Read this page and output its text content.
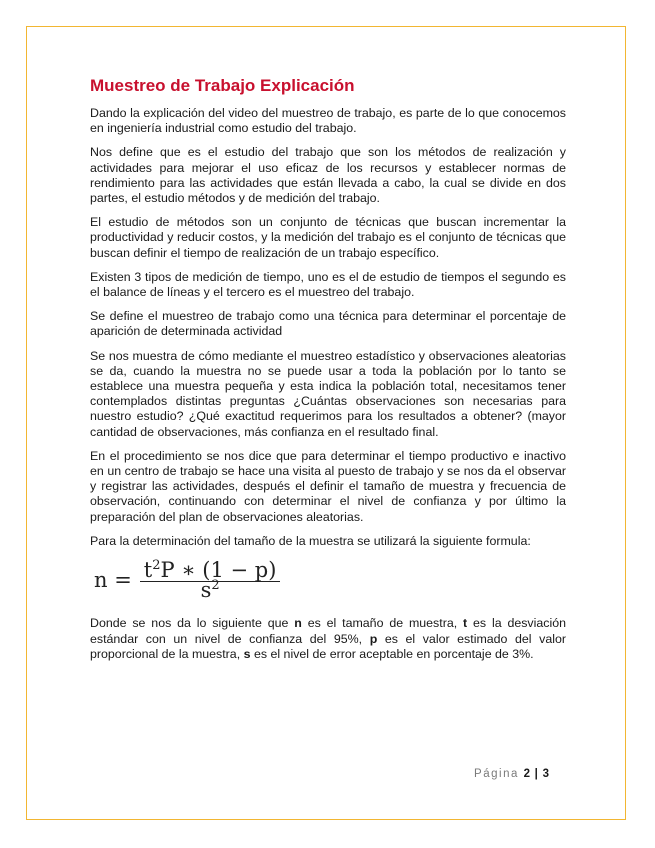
Muestreo de Trabajo Explicación

Dando la explicación del video del muestreo de trabajo, es parte de lo que conocemos en ingeniería industrial como estudio del trabajo.

Nos define que es el estudio del trabajo que son los métodos de realización y actividades para mejorar el uso eficaz de los recursos y establecer normas de rendimiento para las actividades que están llevada a cabo, la cual se divide en dos partes, el estudio métodos y de medición del trabajo.

El estudio de métodos son un conjunto de técnicas que buscan incrementar la productividad y reducir costos, y la medición del trabajo es el conjunto de técnicas que buscan definir el tiempo de realización de un trabajo específico.

Existen 3 tipos de medición de tiempo, uno es el de estudio de tiempos el segundo es el balance de líneas y el tercero es el muestreo del trabajo.

Se define el muestreo de trabajo como una técnica para determinar el porcentaje de aparición de determinada actividad

Se nos muestra de cómo mediante el muestreo estadístico y observaciones aleatorias se da, cuando la muestra no se puede usar a toda la población por lo tanto se establece una muestra pequeña y esta indica la población total, necesitamos tener contemplados distintas preguntas ¿Cuántas observaciones son necesarias para nuestro estudio? ¿Qué exactitud requerimos para los resultados a obtener? (mayor cantidad de observaciones, más confianza en el resultado final.

En el procedimiento se nos dice que para determinar el tiempo productivo e inactivo en un centro de trabajo se hace una visita al puesto de trabajo y se nos da el observar y registrar las actividades, después el definir el tamaño de muestra y frecuencia de observación, continuando con determinar el nivel de confianza y por último la preparación del plan de observaciones aleatorias.

Para la determinación del tamaño de la muestra se utilizará la siguiente formula:

$n = \frac{t^2P ∗ (1 - p)}{s^2}$

Donde se nos da lo siguiente que n es el tamaño de muestra, t es la desviación estándar con un nivel de confianza del 95%, p es el valor estimado del valor proporcional de la muestra, s es el nivel de error aceptable en porcentaje de 3%.

Página 2 | 3
